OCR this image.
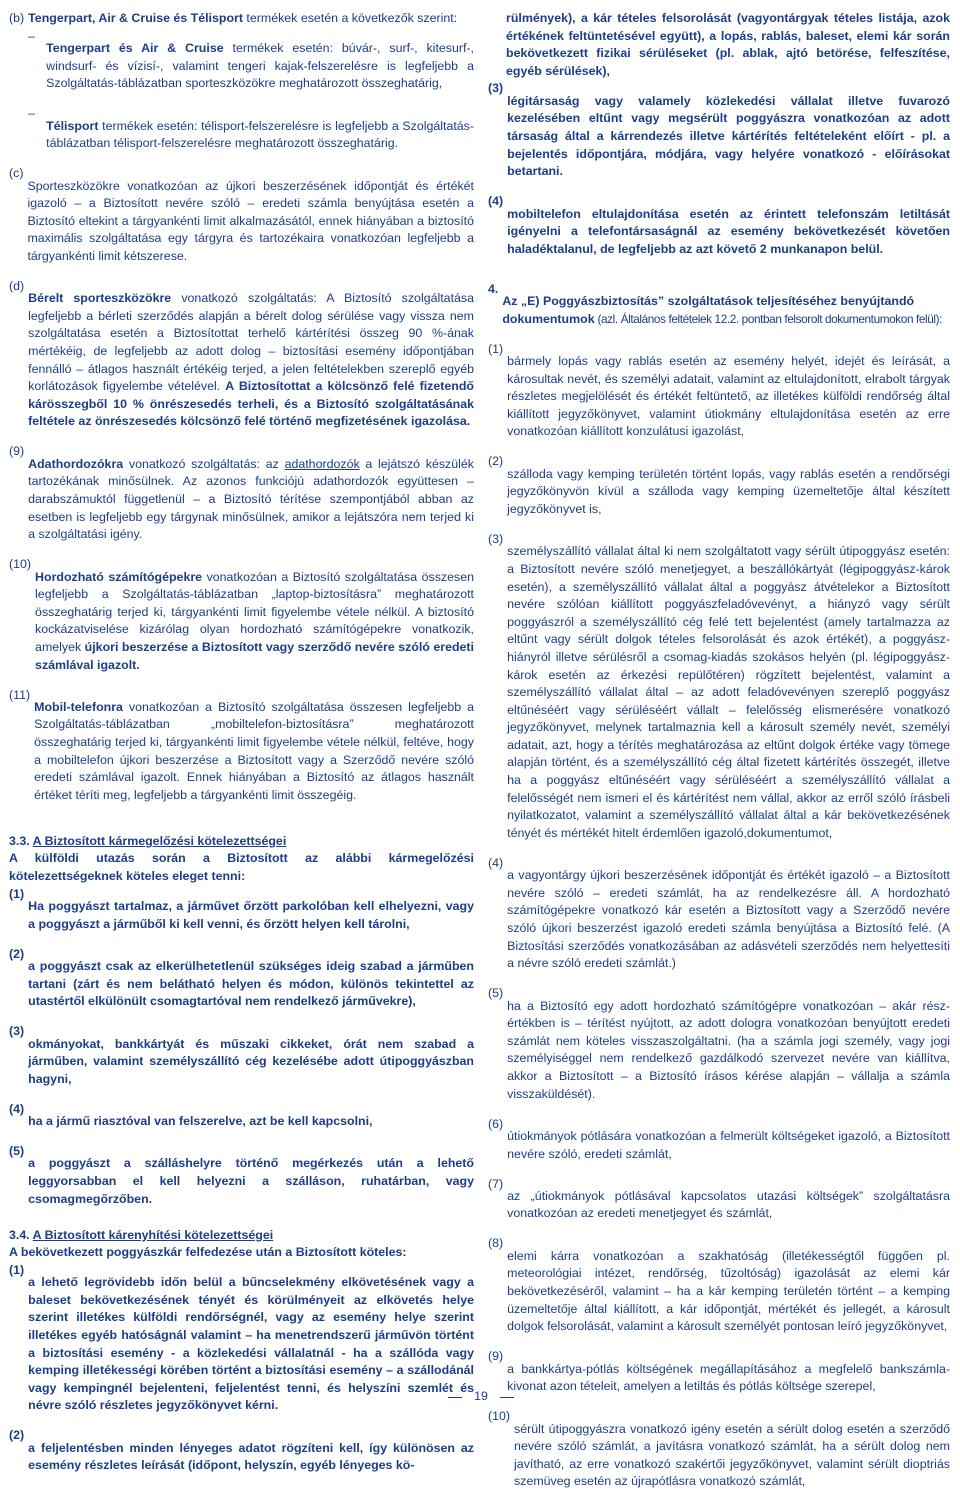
(b) Tengerpart, Air & Cruise és Télisport termékek esetén a következők szerint:

–

Tengerpart és Air & Cruise termékek esetén: búvár-, surf-, kitesurf-, windsurf- és vízisí-, valamint tengeri kajak-felszerelésre is legfeljebb a Szolgáltatás-táblázatban sporteszközökre meghatározott összeghatárig,

–

Télisport termékek esetén: télisport-felszerelésre is legfeljebb a Szolgáltatás-táblázatban télisport-felszerelésre meghatározott összeghatárig.

(c)

Sporteszközökre vonatkozóan az újkori beszerzésének időpontját és értékét igazoló – a Biztosított nevére szóló – eredeti számla benyújtása esetén a Biztosító eltekint a tárgyankénti limit alkalmazásától, ennek hiányában a biztosító maximális szolgáltatása egy tárgyra és tartozékaira vonatkozóan legfeljebb a tárgyankénti limit kétszerese.

(d)

Bérelt sporteszközökre vonatkozó szolgáltatás: A Biztosító szolgáltatása legfeljebb a bérleti szerződés alapján a bérelt dolog sérülése vagy vissza nem szolgáltatása esetén a Biztosítottat terhelő kártérítési összeg 90 %-ának mértékéig, de legfeljebb az adott dolog – biztosítási esemény időpontjában fennálló – átlagos használt értékéig terjed, a jelen feltételekben szereplő egyéb korlátozások figyelembe vételével. A Biztosítottat a kölcsönző felé fizetendő kárösszegből 10 % önrészesedés terheli, és a Biztosító szolgáltatásának feltétele az önrészesedés kölcsönző felé történő megfizetésének igazolása.

(9)

Adathordozókra vonatkozó szolgáltatás: az adathordozók a lejátszó készülék tartozékának minősülnek. Az azonos funkciójú adathordozók együttesen – darabszámuktól függetlenül – a Biztosító térítése szempontjából abban az esetben is legfeljebb egy tárgynak minősülnek, amikor a lejátszóra nem terjed ki a szolgáltatási igény.

(10)

Hordozható számítógépekre vonatkozóan a Biztosító szolgáltatása összesen legfeljebb a Szolgáltatás-táblázatban „laptop-biztosításra” meghatározott összeghatárig terjed ki, tárgyankénti limit figyelembe vétele nélkül. A biztosító kockázatviselése kizárólag olyan hordozható számítógépekre vonatkozik, amelyek újkori beszerzése a Biztosított vagy szerződő nevére szóló eredeti számlával igazolt.

(11)

Mobil-telefonra vonatkozóan a Biztosító szolgáltatása összesen legfeljebb a Szolgáltatás-táblázatban „mobiltelefon-biztosításra” meghatározott összeghatárig terjed ki, tárgyankénti limit figyelembe vétele nélkül, feltéve, hogy a mobiltelefon újkori beszerzése a Biztosított vagy a Szerződő nevére szóló eredeti számlával igazolt. Ennek hiányában a Biztosító az átlagos használt értéket téríti meg, legfeljebb a tárgyankénti limit összegéig.

3.3. A Biztosított kármegelőzési kötelezettségei

A külföldi utazás során a Biztosított az alábbi kármegelőzési kötelezettségeknek köteles eleget tenni:

(1)

Ha poggyászt tartalmaz, a járművet őrzött parkolóban kell elhelyezni, vagy a poggyászt a járműből ki kell venni, és őrzött helyen kell tárolni,

(2)

a poggyászt csak az elkerülhetetlenül szükséges ideig szabad a járműben tartani (zárt és nem belátható helyen és módon, különös tekintettel az utastértől elkülönült csomagtartóval nem rendelkező járművekre),

(3)

okmányokat, bankkártyát és műszaki cikkeket, órát nem szabad a járműben, valamint személyszállító cég kezelésébe adott útipoggyászban hagyni,

(4)

ha a jármű riasztóval van felszerelve, azt be kell kapcsolni,

(5)

a poggyászt a szálláshelyre történő megérkezés után a lehető leggyorsabban el kell helyezni a szálláson, ruhatárban, vagy csomagmegőrzőben.

3.4. A Biztosított kárenyhítési kötelezettségei

A bekövetkezett poggyászkár felfedezése után a Biztosított köteles:

(1)

a lehető legrövidebb időn belül a bűncselekmény elkövetésének vagy a baleset bekövetkezésének tényét és körülményeit az elkövetés helye szerint illetékes külföldi rendőrségnél, vagy az esemény helye szerint illetékes egyéb hatóságnál valamint – ha menetrendszerű járművön történt a biztosítási esemény - a közlekedési vállalatnál - ha a szállóda vagy kemping illetékességi körében történt a biztosítási esemény – a szállodánál vagy kempingnél bejelenteni, feljelentést tenni, és helyszíni szemlét és névre szóló részletes jegyzőkönyvet kérni.

(2)

a feljelentésben minden lényeges adatot rögzíteni kell, így különösen az esemény részletes leírását (időpont, helyszín, egyéb lényeges kö-

rülmények), a kár tételes felsorolását (vagyontárgyak tételes listája, azok értékének feltüntetésével együtt), a lopás, rablás, baleset, elemi kár során bekövetkezett fizikai sérüléseket (pl. ablak, ajtó betörése, felfeszítése, egyéb sérülések),

(3)

légitársaság vagy valamely közlekedési vállalat illetve fuvarozó kezelésében eltűnt vagy megsérült poggyászra vonatkozóan az adott társaság által a kárrendezés illetve kártérítés feltételeként előírt - pl. a bejelentés időpontjára, módjára, vagy helyére vonatkozó - előírásokat betartani.

(4)

mobiltelefon eltulajdonítása esetén az érintett telefonszám letiltását igényelni a telefontársaságnál az esemény bekövetkezését követően haladéktalanul, de legfeljebb az azt követő 2 munkanapon belül.

4.

Az „E) Poggyászbiztosítás” szolgáltatások teljesítéséhez benyújtandó dokumentumok (azl. Általános feltételek 12.2. pontban felsorolt dokumentumokon felül):

(1)

bármely lopás vagy rablás esetén az esemény helyét, idejét és leírását, a károsultak nevét, és személyi adatait, valamint az eltulajdonított, elrabolt tárgyak részletes megjelölését és értékét feltüntető, az illetékes külföldi rendőrség által kiállított jegyzőkönyvet, valamint útiokmány eltulajdonítása esetén az erre vonatkozóan kiállított konzulátusi igazolást,

(2)

szálloda vagy kemping területén történt lopás, vagy rablás esetén a rendőrségi jegyzőkönyvön kívül a szálloda vagy kemping üzemeltetője által készített jegyzőkönyvet is,

(3)

személyszállító vállalat által ki nem szolgáltatott vagy sérült útipoggyász esetén: a Biztosított nevére szóló menetjegyet, a beszállókártyát (légipoggyász-károk esetén), a személyszállító vállalat által a poggyász átvételekor a Biztosított nevére szólóan kiállított poggyászfeladóvevényt, a hiányzó vagy sérült poggyászról a személyszállító cég felé tett bejelentést (amely tartalmazza az eltűnt vagy sérült dolgok tételes felsorolását és azok értékét), a poggyász-hiányról illetve sérülésről a csomag-kiadás szokásos helyén (pl. légipoggyász-károk esetén az érkezési repülőtéren) rögzített bejelentést, valamint a személyszállító vállalat által – az adott feladóvevényen szereplő poggyász eltűnéséért vagy sérüléséért vállalt – felelősség elismerésére vonatkozó jegyzőkönyvet, melynek tartalmaznia kell a károsult személy nevét, személyi adatait, azt, hogy a térítés meghatározása az eltűnt dolgok értéke vagy tömege alapján történt, és a személyszállító cég által fizetett kártérítés összegét, illetve ha a poggyász eltűnéséért vagy sérüléséért a személyszállító vállalat a felelősségét nem ismeri el és kártérítést nem vállal, akkor az erről szóló írásbeli nyilatkozatot, valamint a személyszállító vállalat által a kár bekövetkezésének tényét és mértékét hitelt érdemlően igazoló,dokumentumot,

(4)

a vagyontárgy újkori beszerzésének időpontját és értékét igazoló – a Biztosított nevére szóló – eredeti számlát, ha az rendelkezésre áll. A hordozható számítógépekre vonatkozó kár esetén a Biztosított vagy a Szerződő nevére szóló újkori beszerzést igazoló eredeti számla benyújtása a Biztosító felé. (A Biztosítási szerződés vonatkozásában az adásvételi szerződés nem helyettesíti a névre szóló eredeti számlát.)

(5)

ha a Biztosító egy adott hordozható számítógépre vonatkozóan – akár rész-értékben is – térítést nyújtott, az adott dologra vonatkozóan benyújtott eredeti számlát nem köteles visszaszolgáltatni. (ha a számla jogi személy, vagy jogi személyiséggel nem rendelkező gazdálkodó szervezet nevére van kiállítva, akkor a Biztosított – a Biztosító írásos kérése alapján – vállalja a számla visszaküldését).

(6)

útiokmányok pótlására vonatkozóan a felmerült költségeket igazoló, a Biztosított nevére szóló, eredeti számlát,

(7)

az „útiokmányok pótlásával kapcsolatos utazási költségek” szolgáltatásra vonatkozóan az eredeti menetjegyet és számlát,

(8)

elemi kárra vonatkozóan a szakhatóság (illetékességtől függően pl. meteorológiai intézet, rendőrség, tűzoltóság) igazolását az elemi kár bekövetkezéséről, valamint – ha a kár kemping területén történt – a kemping üzemeltetője által kiállított, a kár időpontját, mértékét és jellegét, a károsult dolgok felsorolását, valamint a károsult személyét pontosan leíró jegyzőkönyvet,

(9)

a bankkártya-pótlás költségének megállapításához a megfelelő bankszámla-kivonat azon tételeit, amelyen a letiltás és pótlás költsége szerepel,

(10)

sérült útipoggyászra vonatkozó igény esetén a sérült dolog esetén a szerződő nevére szóló számlát, a javításra vonatkozó számlát, ha a sérült dolog nem javítható, az erre vonatkozó szakértői jegyzőkönyvet, valamint sérült dioptriás szemüveg esetén az újrapótlásra vonatkozó számlát,

19
